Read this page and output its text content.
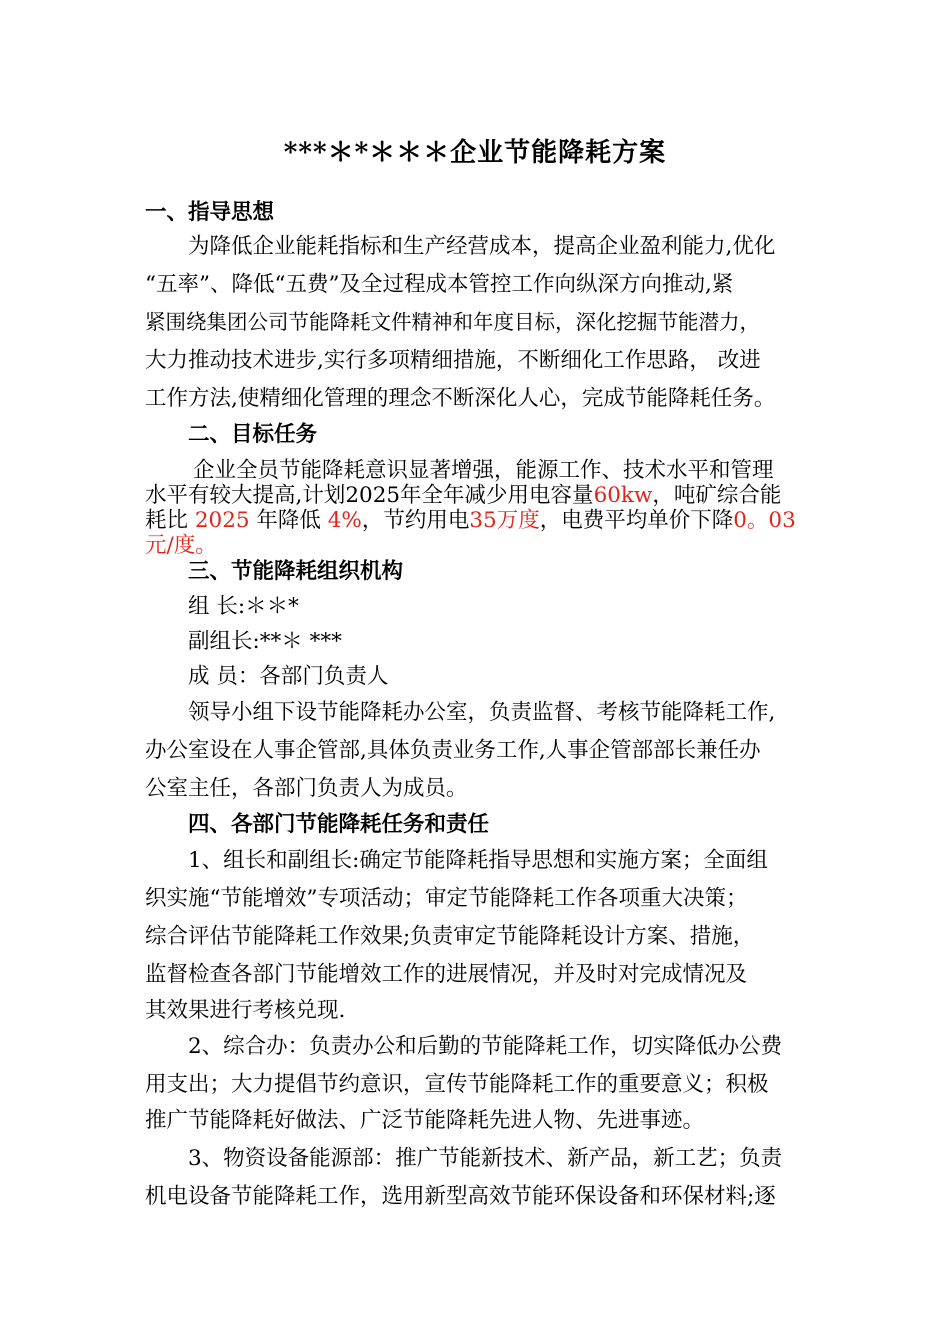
***＊*＊＊＊企业节能降耗方案
一、指导思想
为降低企业能耗指标和生产经营成本，提高企业盈利能力,优化
“五率”、降低“五费”及全过程成本管控工作向纵深方向推动,紧
紧围绕集团公司节能降耗文件精神和年度目标，深化挖掘节能潜力，
大力推动技术进步,实行多项精细措施，不断细化工作思路， 改进
工作方法,使精细化管理的理念不断深化人心，完成节能降耗任务。
二、目标任务
企业全员节能降耗意识显著增强，能源工作、技术水平和管理
水平有较大提高,计划2025年全年减少用电容量60kw，吨矿综合能
耗比 2025 年降低 4%，节约用电35万度，电费平均单价下降0。03
元/度。
三、节能降耗组织机构
组 长:＊＊*
副组长:**＊ ***
成 员：各部门负责人
领导小组下设节能降耗办公室，负责监督、考核节能降耗工作,
办公室设在人事企管部,具体负责业务工作,人事企管部部长兼任办
公室主任，各部门负责人为成员。
四、各部门节能降耗任务和责任
1、组长和副组长:确定节能降耗指导思想和实施方案；全面组
织实施“节能增效”专项活动；审定节能降耗工作各项重大决策；
综合评估节能降耗工作效果;负责审定节能降耗设计方案、措施，
监督检查各部门节能增效工作的进展情况，并及时对完成情况及
其效果进行考核兑现.
2、综合办：负责办公和后勤的节能降耗工作，切实降低办公费
用支出；大力提倡节约意识，宣传节能降耗工作的重要意义；积极
推广节能降耗好做法、广泛节能降耗先进人物、先进事迹。
3、物资设备能源部：推广节能新技术、新产品，新工艺；负责
机电设备节能降耗工作，选用新型高效节能环保设备和环保材料;逐
